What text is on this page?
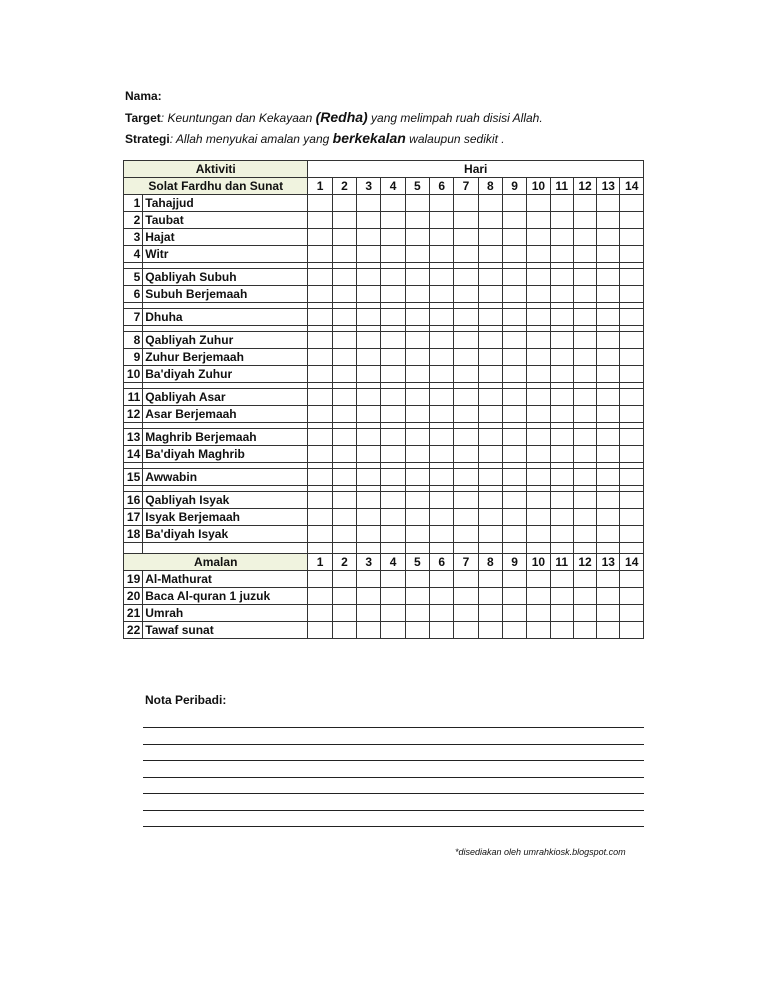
Nama:
Target: Keuntungan dan Kekayaan (Redha) yang melimpah ruah disisi Allah.
Strategi: Allah menyukai amalan yang berkekalan walaupun sedikit .
Aktiviti		Hari													
Solat Fardhu dan Sunat		1	2	3	4	5	6	7	8	9	10	11	12	13	14
1	Tahajjud														
2	Taubat														
3	Hajat														
4	Witr														

5	Qabliyah Subuh														
6	Subuh Berjemaah														

7	Dhuha														

8	Qabliyah Zuhur														
9	Zuhur Berjemaah														
10	Ba'diyah Zuhur														

11	Qabliyah Asar														
12	Asar Berjemaah														

13	Maghrib Berjemaah														
14	Ba'diyah Maghrib														

15	Awwabin														

16	Qabliyah Isyak														
17	Isyak Berjemaah														
18	Ba'diyah Isyak														

Amalan		1	2	3	4	5	6	7	8	9	10	11	12	13	14
19	Al-Mathurat														
20	Baca Al-quran 1 juzuk														
21	Umrah														
22	Tawaf sunat														
Nota Peribadi:
*disediakan oleh umrahkiosk.blogspot.com
